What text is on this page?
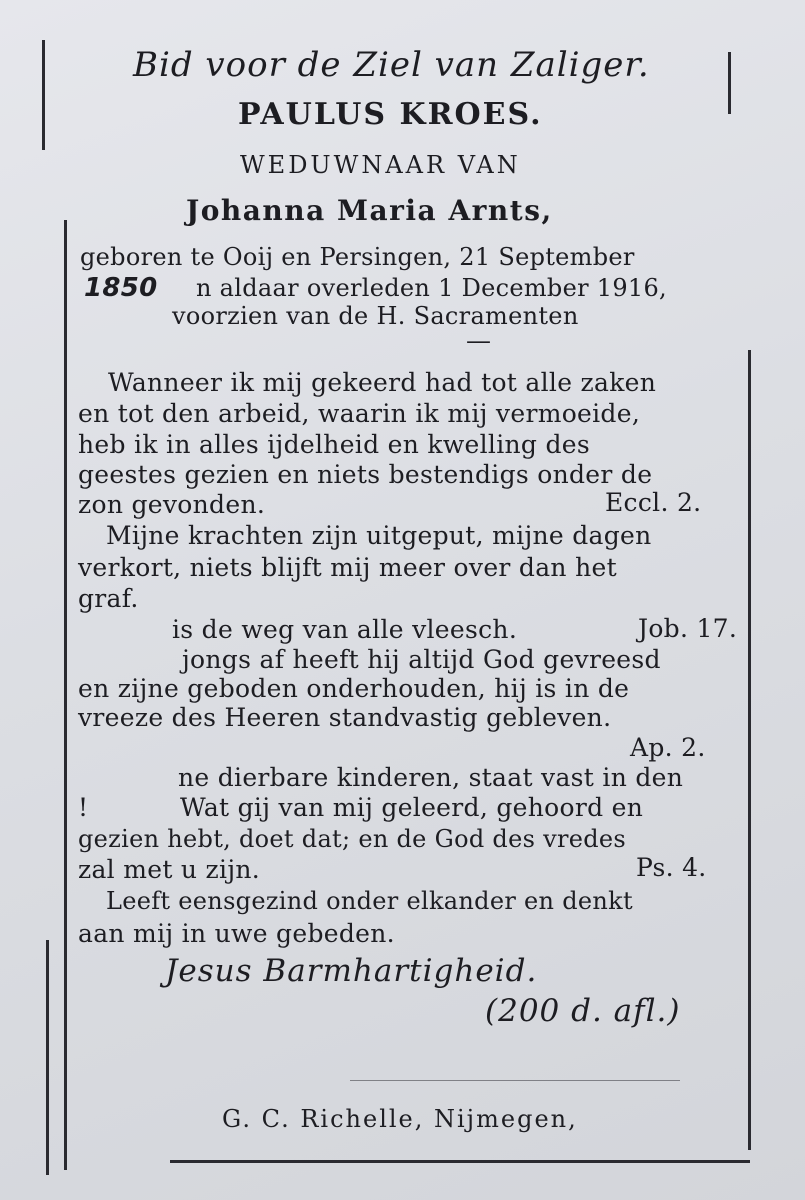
Bid voor de Ziel van Zaliger.
PAULUS KROES.
WEDUWNAAR VAN
Johanna Maria Arnts,
geboren te Ooij en Persingen, 21 September
1850 n aldaar overleden 1 December 1916,
voorzien van de H. Sacramenten
—
Wanneer ik mij gekeerd had tot alle zaken
en tot den arbeid, waarin ik mij vermoeide,
heb ik in alles ijdelheid en kwelling des
geestes gezien en niets bestendigs onder de
zon gevonden.	Eccl. 2.
Mijne krachten zijn uitgeput, mijne dagen
verkort, niets blijft mij meer over dan het
graf.
is de weg van alle vleesch.	Job. 17.
jongs af heeft hij altijd God gevreesd
en zijne geboden onderhouden, hij is in de
vreeze des Heeren standvastig gebleven.
Ap. 2.
ne dierbare kinderen, staat vast in den
!	Wat gij van mij geleerd, gehoord en
gezien hebt, doet dat; en de God des vredes
zal met u zijn.	Ps. 4.
Leeft eensgezind onder elkander en denkt
aan mij in uwe gebeden.
Jesus Barmhartigheid.
(200 d. afl.)
G. C. Richelle, Nijmegen,
